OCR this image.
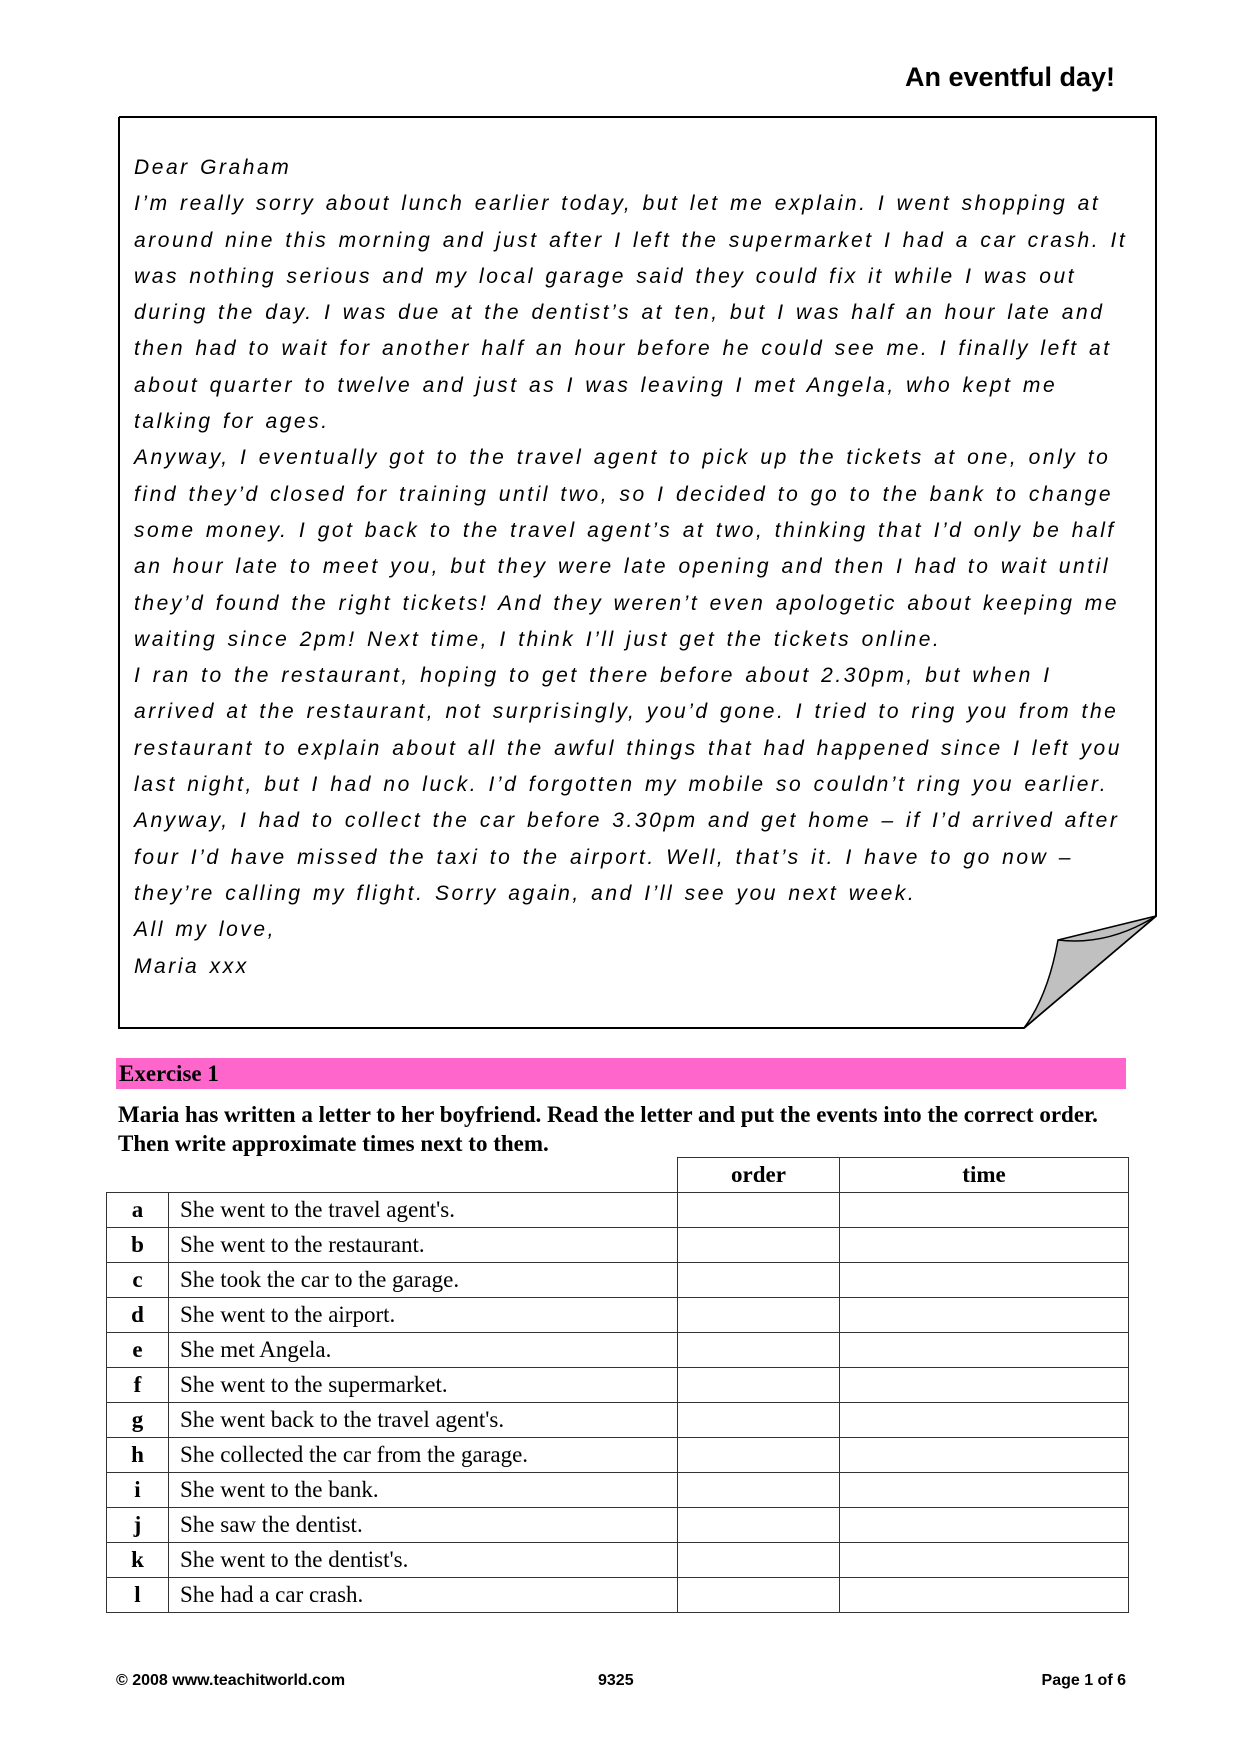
An eventful day!

Dear Graham

I’m really sorry about lunch earlier today, but let me explain. I went shopping at around nine this morning and just after I left the supermarket I had a car crash. It was nothing serious and my local garage said they could fix it while I was out during the day. I was due at the dentist’s at ten, but I was half an hour late and then had to wait for another half an hour before he could see me. I finally left at about quarter to twelve and just as I was leaving I met Angela, who kept me talking for ages.

Anyway, I eventually got to the travel agent to pick up the tickets at one, only to find they’d closed for training until two, so I decided to go to the bank to change some money. I got back to the travel agent’s at two, thinking that I’d only be half an hour late to meet you, but they were late opening and then I had to wait until they’d found the right tickets! And they weren’t even apologetic about keeping me waiting since 2pm! Next time, I think I’ll just get the tickets online.

I ran to the restaurant, hoping to get there before about 2.30pm, but when I arrived at the restaurant, not surprisingly, you’d gone. I tried to ring you from the restaurant to explain about all the awful things that had happened since I left you last night, but I had no luck. I’d forgotten my mobile so couldn’t ring you earlier. Anyway, I had to collect the car before 3.30pm and get home – if I’d arrived after four I’d have missed the taxi to the airport. Well, that’s it. I have to go now – they’re calling my flight. Sorry again, and I’ll see you next week.

All my love,

Maria xxx

Exercise 1

Maria has written a letter to her boyfriend. Read the letter and put the events into the correct order. Then write approximate times next to them.

		order	time
a	She went to the travel agent's.		
b	She went to the restaurant.		
c	She took the car to the garage.		
d	She went to the airport.		
e	She met Angela.		
f	She went to the supermarket.		
g	She went back to the travel agent's.		
h	She collected the car from the garage.		
i	She went to the bank.		
j	She saw the dentist.		
k	She went to the dentist's.		
l	She had a car crash.		
© 2008 www.teachitworld.com	9325	Page 1 of 6
